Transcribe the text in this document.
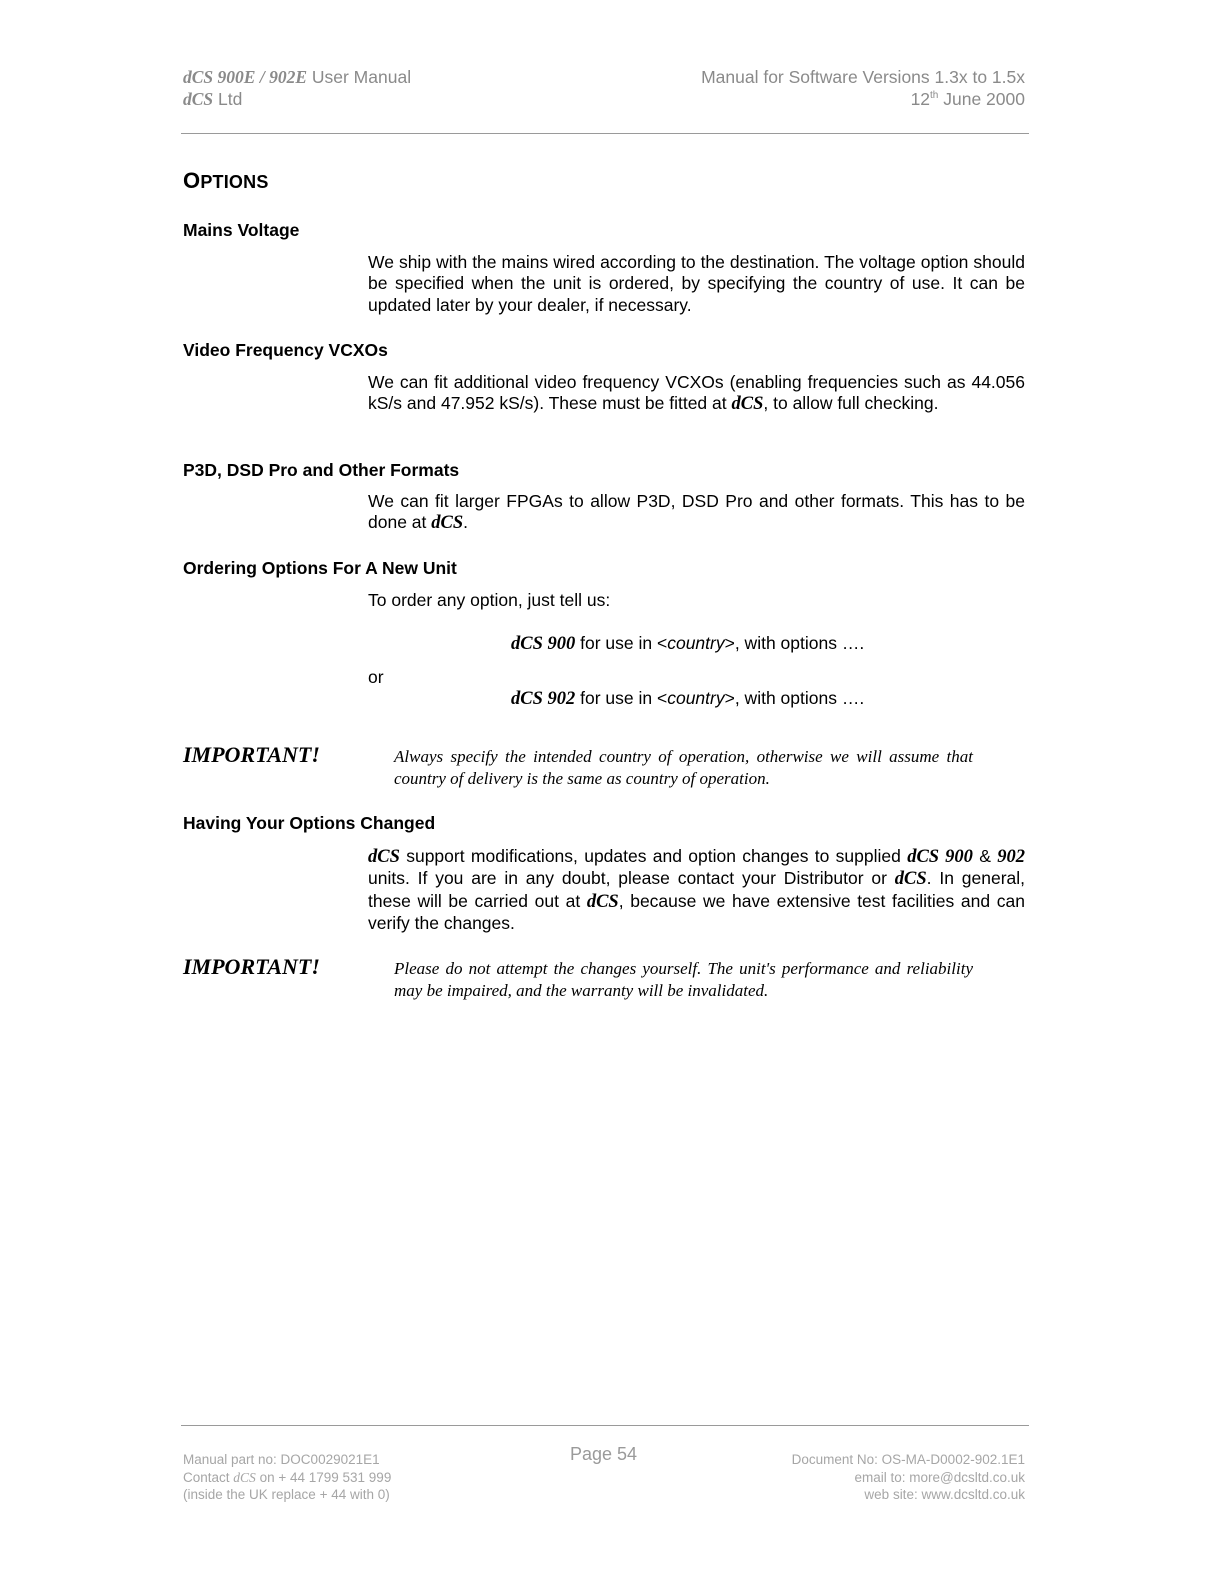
dCS 900E / 902E User Manual
dCS Ltd
Manual for Software Versions 1.3x to 1.5x
12th June 2000
OPTIONS
Mains Voltage
We ship with the mains wired according to the destination. The voltage option should be specified when the unit is ordered, by specifying the country of use. It can be updated later by your dealer, if necessary.
Video Frequency VCXOs
We can fit additional video frequency VCXOs (enabling frequencies such as 44.056 kS/s and 47.952 kS/s). These must be fitted at dCS, to allow full checking.
P3D, DSD Pro and Other Formats
We can fit larger FPGAs to allow P3D, DSD Pro and other formats. This has to be done at dCS.
Ordering Options For A New Unit
To order any option, just tell us:
dCS 900 for use in <country>, with options ….
or
dCS 902 for use in <country>, with options ….
IMPORTANT!	Always specify the intended country of operation, otherwise we will assume that country of delivery is the same as country of operation.
Having Your Options Changed
dCS support modifications, updates and option changes to supplied dCS 900 & 902 units. If you are in any doubt, please contact your Distributor or dCS. In general, these will be carried out at dCS, because we have extensive test facilities and can verify the changes.
IMPORTANT!	Please do not attempt the changes yourself. The unit's performance and reliability may be impaired, and the warranty will be invalidated.
Manual part no: DOC0029021E1
Contact dCS on + 44 1799 531 999
(inside the UK replace + 44 with 0)
Page 54	Document No: OS-MA-D0002-902.1E1
email to: more@dcsltd.co.uk
web site: www.dcsltd.co.uk
